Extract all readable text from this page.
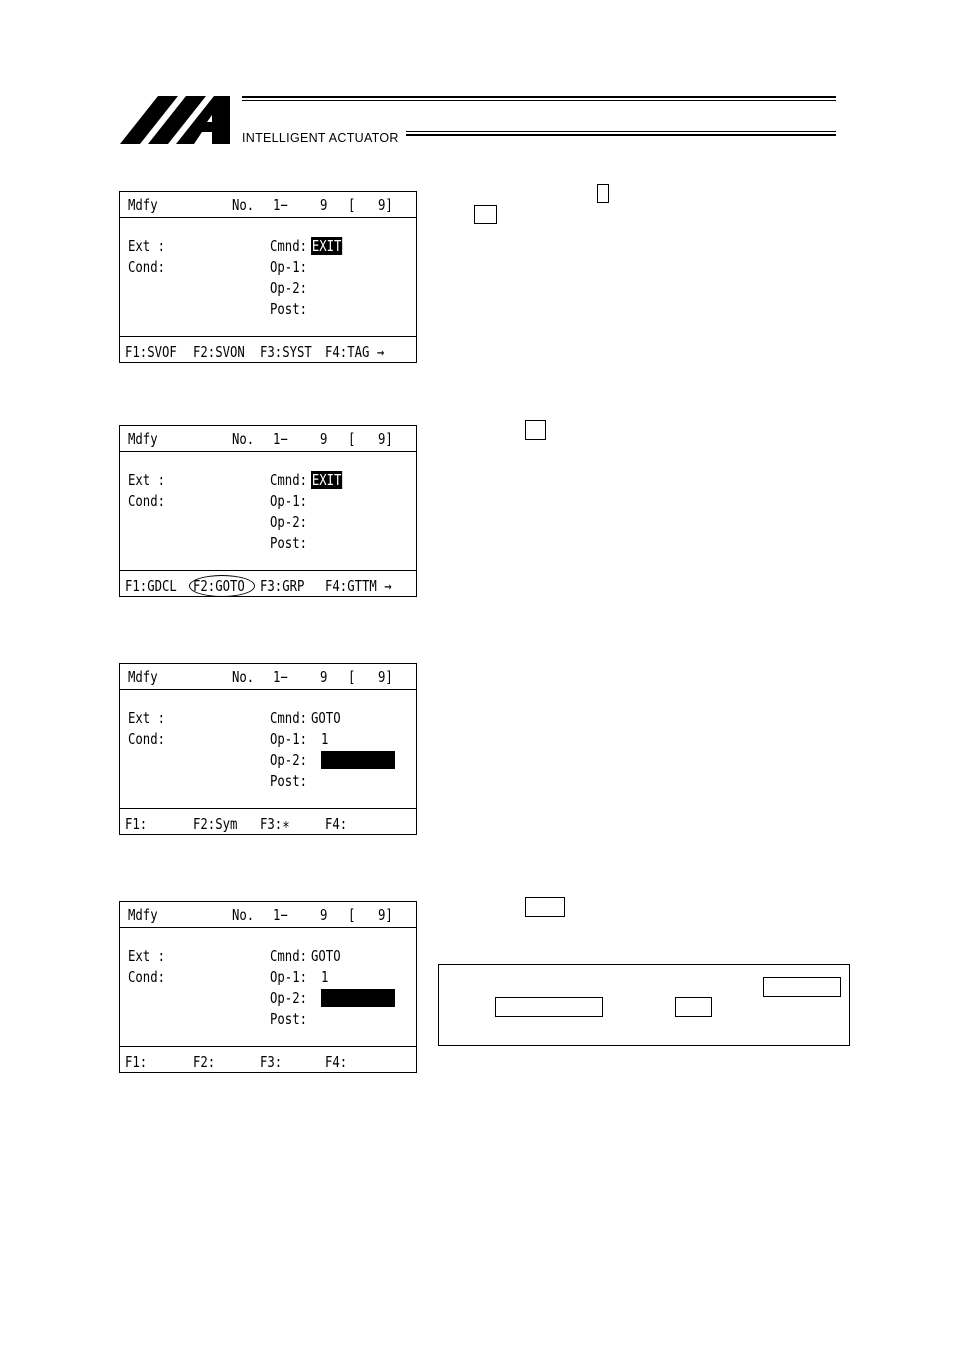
INTELLIGENT ACTUATOR
Mdfy	No. 1− 9 [ 9]
Ext :
Cond:
Cmnd: EXIT
Op-1:
Op-2:
Post:
F1:SVOF F2:SVON F3:SYST F4:TAG →
Mdfy	No. 1− 9 [ 9]
Ext :
Cond:
Cmnd: EXIT
Op-1:
Op-2:
Post:
F1:GDCL F2:GOTO F3:GRP F4:GTTM →
Mdfy	No. 1− 9 [ 9]
Ext :
Cond:
Cmnd: GOTO
Op-1: 1
Op-2:
Post:
F1:	F2:Sym F3:∗ F4:
Mdfy	No. 1− 9 [ 9]
Ext :
Cond:
Cmnd: GOTO
Op-1: 1
Op-2:
Post:
F1:	F2:	F3:	F4:
